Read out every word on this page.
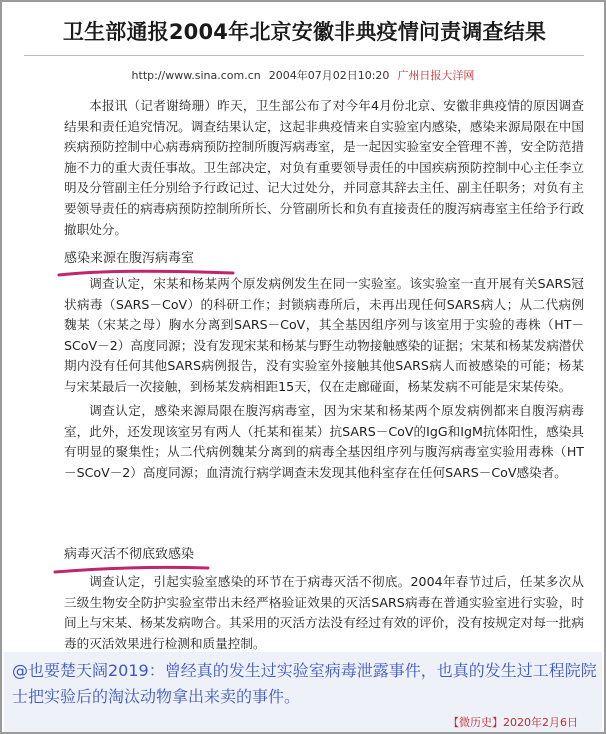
卫生部通报2004年北京安徽非典疫情问责调查结果
http://www.sina.com.cn 2004年07月02日10:20 广州日报大洋网

本报讯（记者谢绮珊）昨天，卫生部公布了对今年4月份北京、安徽非典疫情的原因调查结果和责任追究情况。调查结果认定，这起非典疫情来自实验室内感染，感染来源局限在中国疾病预防控制中心病毒病预防控制所腹泻病毒室，是一起因实验室安全管理不善，安全防范措施不力的重大责任事故。卫生部决定，对负有重要领导责任的中国疾病预防控制中心主任李立明及分管副主任分别给予行政记过、记大过处分，并同意其辞去主任、副主任职务；对负有主要领导责任的病毒病预防控制所所长、分管副所长和负有直接责任的腹泻病毒室主任给予行政撤职处分。

感染来源在腹泻病毒室

调查认定，宋某和杨某两个原发病例发生在同一实验室。该实验室一直开展有关SARS冠状病毒（SARS－CoV）的科研工作；封锁病毒所后，未再出现任何SARS病人；从二代病例魏某（宋某之母）胸水分离到SARS－CoV，其全基因组序列与该室用于实验的毒株（HT－SCoV－2）高度同源；没有发现宋某和杨某与野生动物接触感染的证据；宋某和杨某发病潜伏期内没有任何其他SARS病例报告，没有实验室外接触其他SARS病人而被感染的可能；杨某与宋某最后一次接触，到杨某发病相距15天，仅在走廊碰面，杨某发病不可能是宋某传染。

调查认定，感染来源局限在腹泻病毒室，因为宋某和杨某两个原发病例都来自腹泻病毒室，此外，还发现该室另有两人（托某和崔某）抗SARS－CoV的IgG和IgM抗体阳性，感染具有明显的聚集性；从二代病例魏某分离到的病毒全基因组序列与腹泻病毒室实验用毒株（HT－SCoV－2）高度同源；血清流行病学调查未发现其他科室存在任何SARS－CoV感染者。

病毒灭活不彻底致感染

调查认定，引起实验室感染的环节在于病毒灭活不彻底。2004年春节过后，任某多次从三级生物安全防护实验室带出未经严格验证效果的灭活SARS病毒在普通实验室进行实验，时间上与宋某、杨某发病吻合。其采用的灭活方法没有经过有效的评价，没有按规定对每一批病毒的灭活效果进行检测和质量控制。

@也要楚天阔2019：曾经真的发生过实验室病毒泄露事件，也真的发生过工程院院士把实验后的淘汰动物拿出来卖的事件。

【微历史】2020年2月6日
